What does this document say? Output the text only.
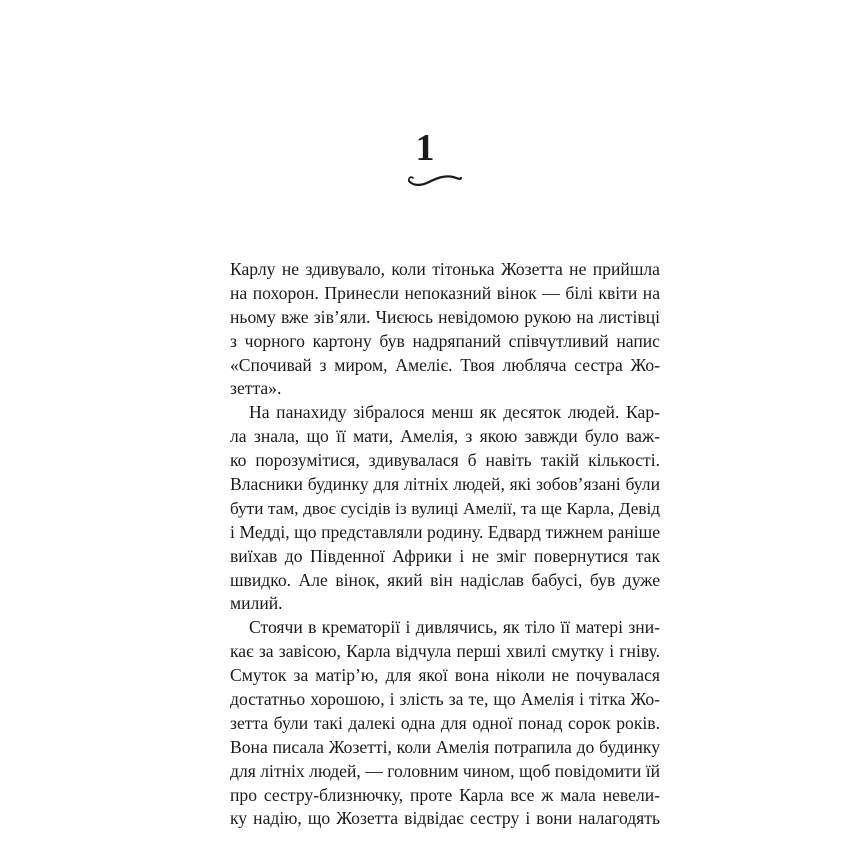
1
Карлу не здивувало, коли тітонька Жозетта не прийшла
на похорон. Принесли непоказний вінок — білі квіти на
ньому вже зів’яли. Чиєюсь невідомою рукою на листівці
з чорного картону був надряпаний співчутливий напис
«Спочивай з миром, Амеліє. Твоя любляча сестра Жо-
зетта».
На панахиду зібралося менш як десяток людей. Кар-
ла знала, що її мати, Амелія, з якою завжди було важ-
ко порозумітися, здивувалася б навіть такій кількості.
Власники будинку для літніх людей, які зобов’язані були
бути там, двоє сусідів із вулиці Амелії, та ще Карла, Девід
і Медді, що представляли родину. Едвард тижнем раніше
виїхав до Південної Африки і не зміг повернутися так
швидко. Але вінок, який він надіслав бабусі, був дуже
милий.
Стоячи в крематорії і дивлячись, як тіло її матері зни-
кає за завісою, Карла відчула перші хвилі смутку і гніву.
Смуток за матір’ю, для якої вона ніколи не почувалася
достатньо хорошою, і злість за те, що Амелія і тітка Жо-
зетта були такі далекі одна для одної понад сорок років.
Вона писала Жозетті, коли Амелія потрапила до будинку
для літніх людей, — головним чином, щоб повідомити їй
про сестру-близнючку, проте Карла все ж мала невели-
ку надію, що Жозетта відвідає сестру і вони налагодять
